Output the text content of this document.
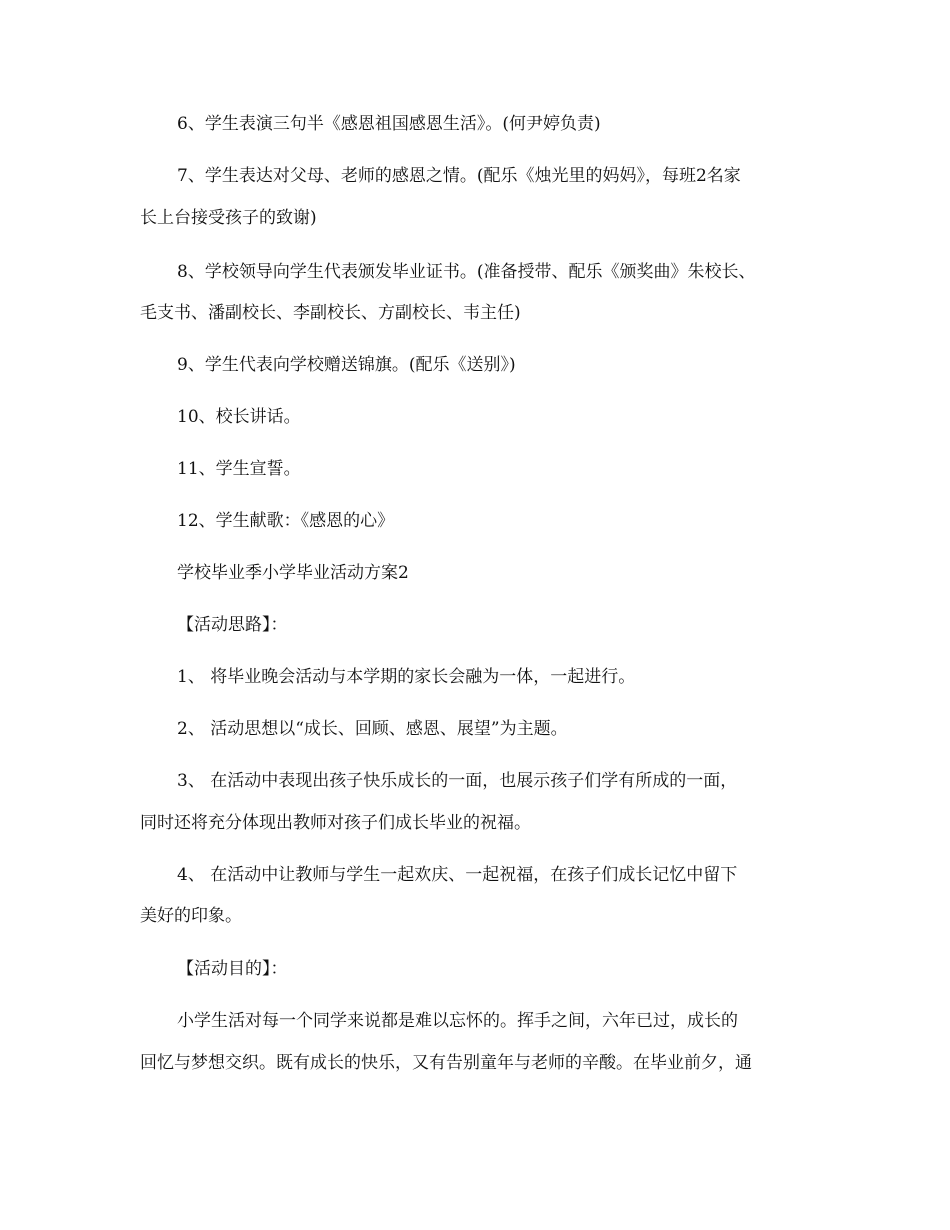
6、学生表演三句半《感恩祖国感恩生活》。(何尹婷负责)

7、学生表达对父母、老师的感恩之情。(配乐《烛光里的妈妈》，每班2名家

长上台接受孩子的致谢)

8、学校领导向学生代表颁发毕业证书。(准备授带、配乐《颁奖曲》朱校长、

毛支书、潘副校长、李副校长、方副校长、韦主任)

9、学生代表向学校赠送锦旗。(配乐《送别》)

10、校长讲话。

11、学生宣誓。

12、学生献歌：《感恩的心》

学校毕业季小学毕业活动方案2

【活动思路】：

1、 将毕业晚会活动与本学期的家长会融为一体，一起进行。

2、 活动思想以“成长、回顾、感恩、展望”为主题。

3、 在活动中表现出孩子快乐成长的一面，也展示孩子们学有所成的一面，

同时还将充分体现出教师对孩子们成长毕业的祝福。

4、 在活动中让教师与学生一起欢庆、一起祝福，在孩子们成长记忆中留下

美好的印象。

【活动目的】：

小学生活对每一个同学来说都是难以忘怀的。挥手之间，六年已过，成长的

回忆与梦想交织。既有成长的快乐，又有告别童年与老师的辛酸。在毕业前夕，通
